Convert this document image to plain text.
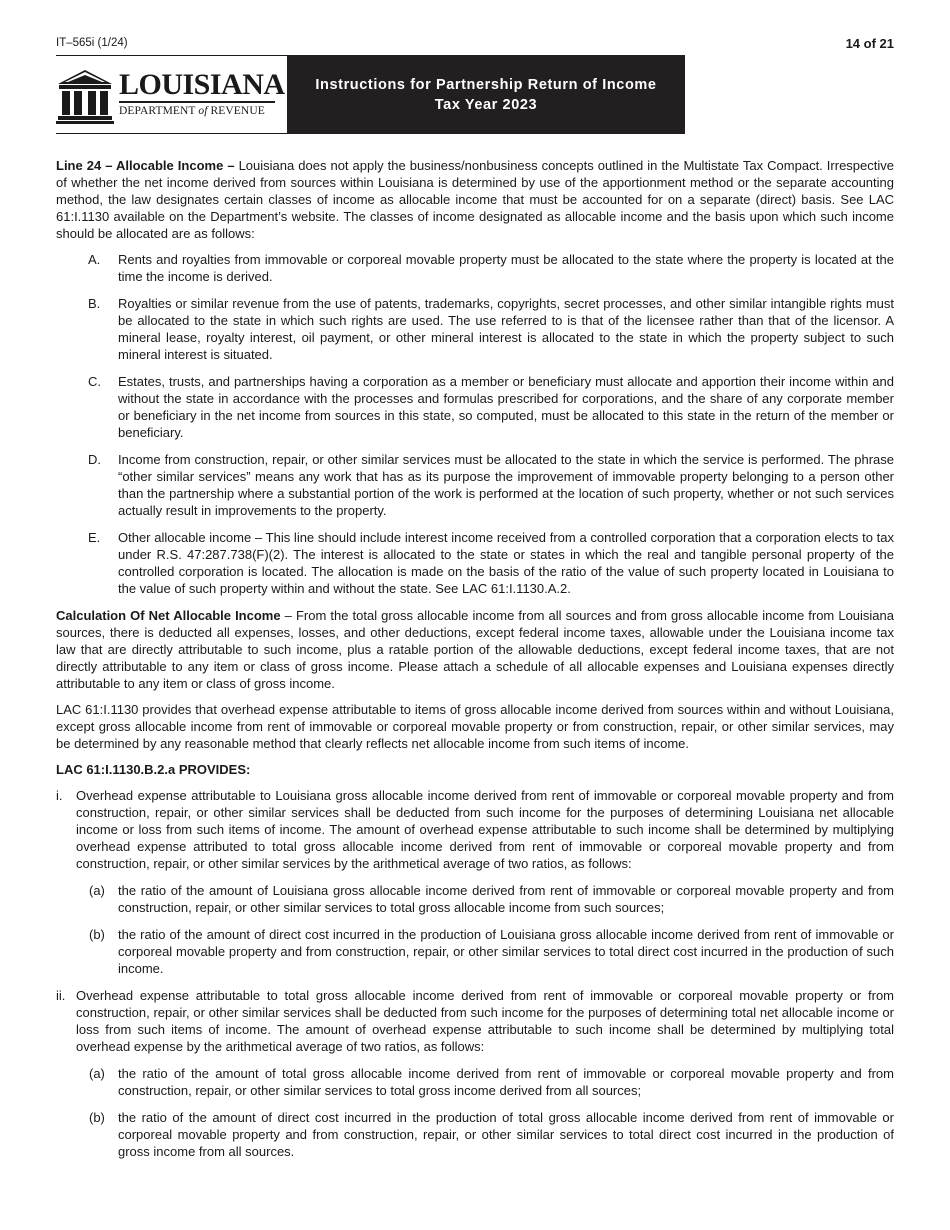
IT–565i (1/24)	14 of 21
LOUISIANA
DEPARTMENT of REVENUE
Instructions for Partnership Return of Income
Tax Year 2023

Line 24 – Allocable Income – Louisiana does not apply the business/nonbusiness concepts outlined in the Multistate Tax Compact. Irrespective of whether the net income derived from sources within Louisiana is determined by use of the apportionment method or the separate accounting method, the law designates certain classes of income as allocable income that must be accounted for on a separate (direct) basis. See LAC 61:I.1130 available on the Department’s website. The classes of income designated as allocable income and the basis upon which such income should be allocated are as follows:

A. Rents and royalties from immovable or corporeal movable property must be allocated to the state where the property is located at the time the income is derived.
B. Royalties or similar revenue from the use of patents, trademarks, copyrights, secret processes, and other similar intangible rights must be allocated to the state in which such rights are used. The use referred to is that of the licensee rather than that of the licensor. A mineral lease, royalty interest, oil payment, or other mineral interest is allocated to the state in which the property subject to such mineral interest is situated.
C. Estates, trusts, and partnerships having a corporation as a member or beneficiary must allocate and apportion their income within and without the state in accordance with the processes and formulas prescribed for corporations, and the share of any corporate member or beneficiary in the net income from sources in this state, so computed, must be allocated to this state in the return of the member or beneficiary.
D. Income from construction, repair, or other similar services must be allocated to the state in which the service is performed. The phrase “other similar services” means any work that has as its purpose the improvement of immovable property belonging to a person other than the partnership where a substantial portion of the work is performed at the location of such property, whether or not such services actually result in improvements to the property.
E. Other allocable income – This line should include interest income received from a controlled corporation that a corporation elects to tax under R.S. 47:287.738(F)(2). The interest is allocated to the state or states in which the real and tangible personal property of the controlled corporation is located. The allocation is made on the basis of the ratio of the value of such property located in Louisiana to the value of such property within and without the state. See LAC 61:I.1130.A.2.

Calculation Of Net Allocable Income – From the total gross allocable income from all sources and from gross allocable income from Louisiana sources, there is deducted all expenses, losses, and other deductions, except federal income taxes, allowable under the Louisiana income tax law that are directly attributable to such income, plus a ratable portion of the allowable deductions, except federal income taxes, that are not directly attributable to any item or class of gross income. Please attach a schedule of all allocable expenses and Louisiana expenses directly attributable to any item or class of gross income.

LAC 61:I.1130 provides that overhead expense attributable to items of gross allocable income derived from sources within and without Louisiana, except gross allocable income from rent of immovable or corporeal movable property or from construction, repair, or other similar services, may be determined by any reasonable method that clearly reflects net allocable income from such items of income.

LAC 61:I.1130.B.2.a PROVIDES:

i. Overhead expense attributable to Louisiana gross allocable income derived from rent of immovable or corporeal movable property and from construction, repair, or other similar services shall be deducted from such income for the purposes of determining Louisiana net allocable income or loss from such items of income. The amount of overhead expense attributable to such income shall be determined by multiplying overhead expense attributed to total gross allocable income derived from rent of immovable or corporeal movable property and from construction, repair, or other similar services by the arithmetical average of two ratios, as follows:
(a) the ratio of the amount of Louisiana gross allocable income derived from rent of immovable or corporeal movable property and from construction, repair, or other similar services to total gross allocable income from such sources;
(b) the ratio of the amount of direct cost incurred in the production of Louisiana gross allocable income derived from rent of immovable or corporeal movable property and from construction, repair, or other similar services to total direct cost incurred in the production of such income.
ii. Overhead expense attributable to total gross allocable income derived from rent of immovable or corporeal movable property or from construction, repair, or other similar services shall be deducted from such income for the purposes of determining total net allocable income or loss from such items of income. The amount of overhead expense attributable to such income shall be determined by multiplying total overhead expense by the arithmetical average of two ratios, as follows:
(a) the ratio of the amount of total gross allocable income derived from rent of immovable or corporeal movable property and from construction, repair, or other similar services to total gross income derived from all sources;
(b) the ratio of the amount of direct cost incurred in the production of total gross allocable income derived from rent of immovable or corporeal movable property and from construction, repair, or other similar services to total direct cost incurred in the production of gross income from all sources.
